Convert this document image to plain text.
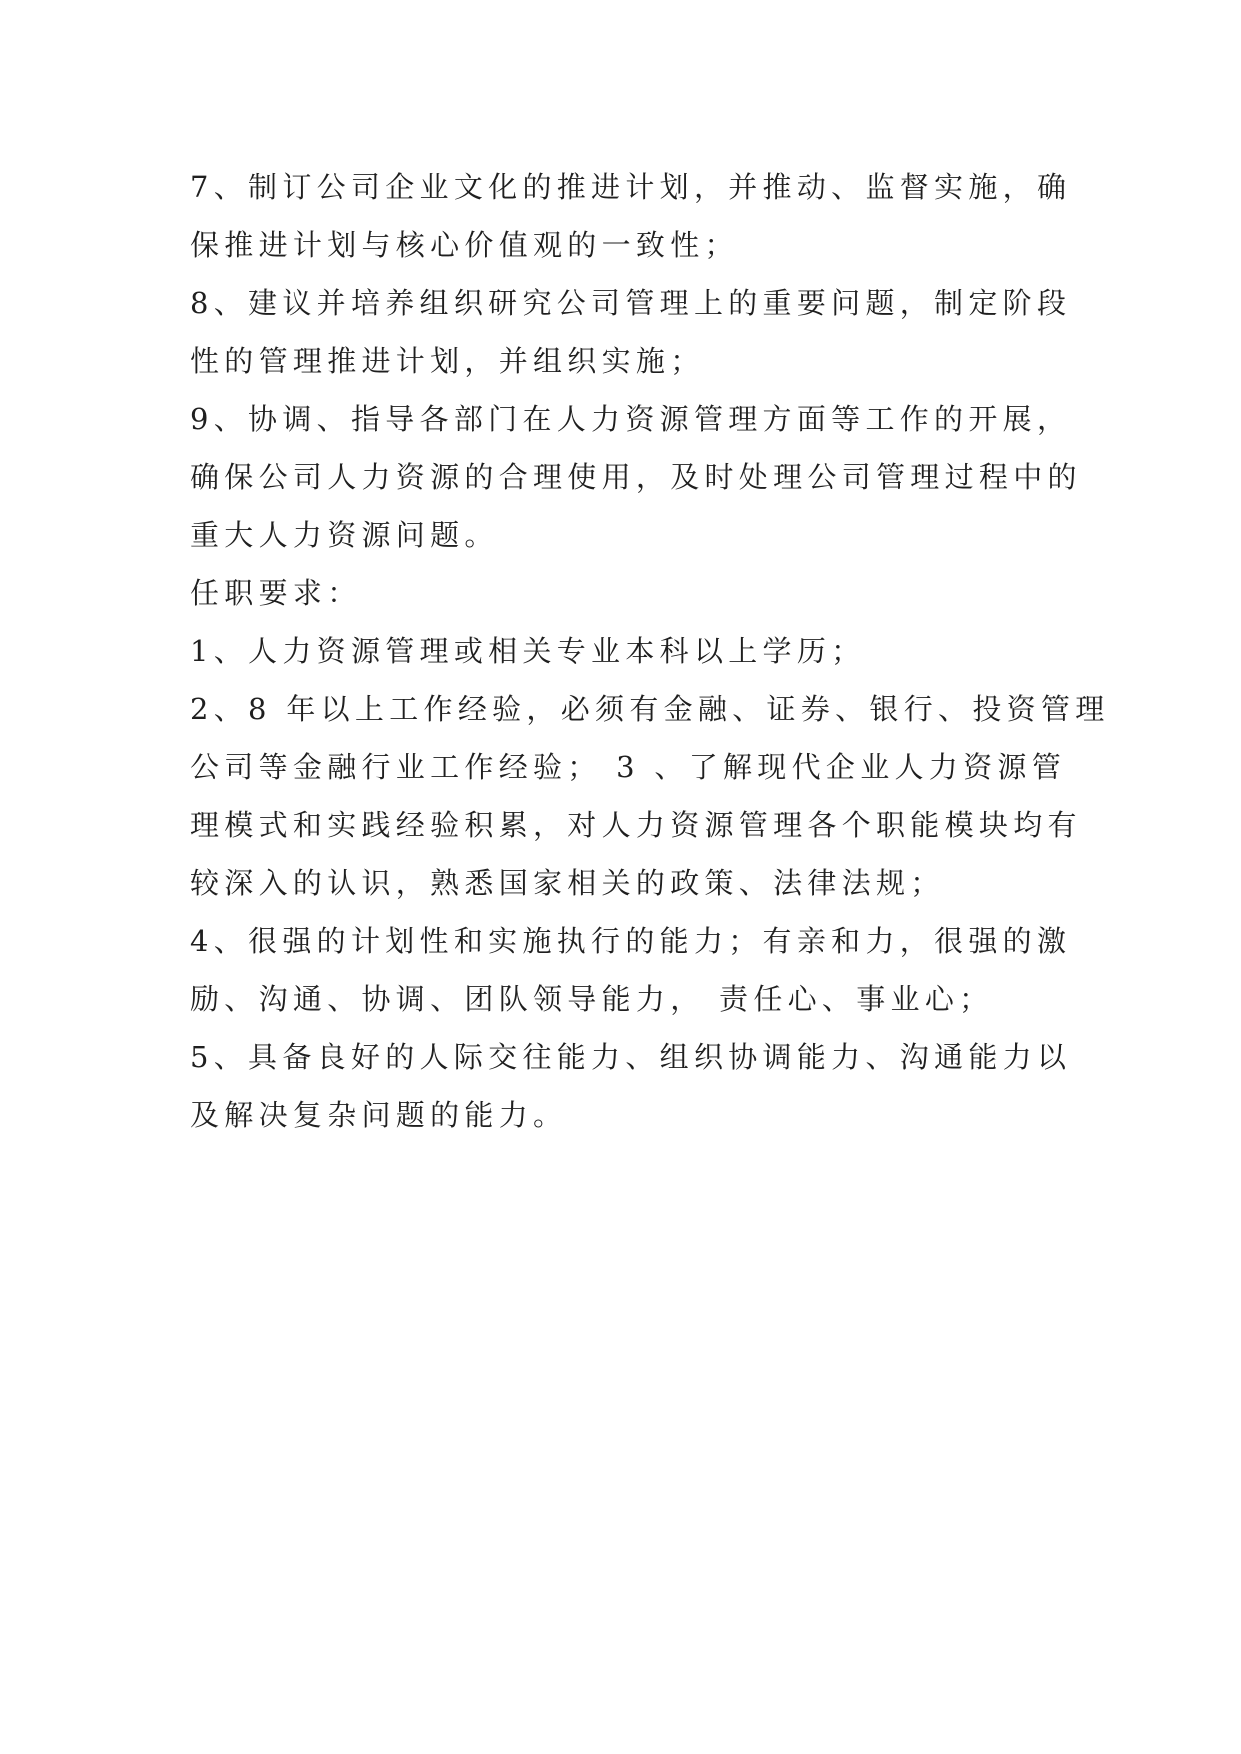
7、制订公司企业文化的推进计划，并推动、监督实施，确
保推进计划与核心价值观的一致性；
8、建议并培养组织研究公司管理上的重要问题，制定阶段
性的管理推进计划，并组织实施；
9、协调、指导各部门在人力资源管理方面等工作的开展，
确保公司人力资源的合理使用，及时处理公司管理过程中的
重大人力资源问题。
任职要求：
1、人力资源管理或相关专业本科以上学历；
2、8 年以上工作经验，必须有金融、证券、银行、投资管理
公司等金融行业工作经验； 3 、了解现代企业人力资源管
理模式和实践经验积累，对人力资源管理各个职能模块均有
较深入的认识，熟悉国家相关的政策、法律法规；
4、很强的计划性和实施执行的能力；有亲和力，很强的激
励、沟通、协调、团队领导能力， 责任心、事业心；
5、具备良好的人际交往能力、组织协调能力、沟通能力以
及解决复杂问题的能力。
